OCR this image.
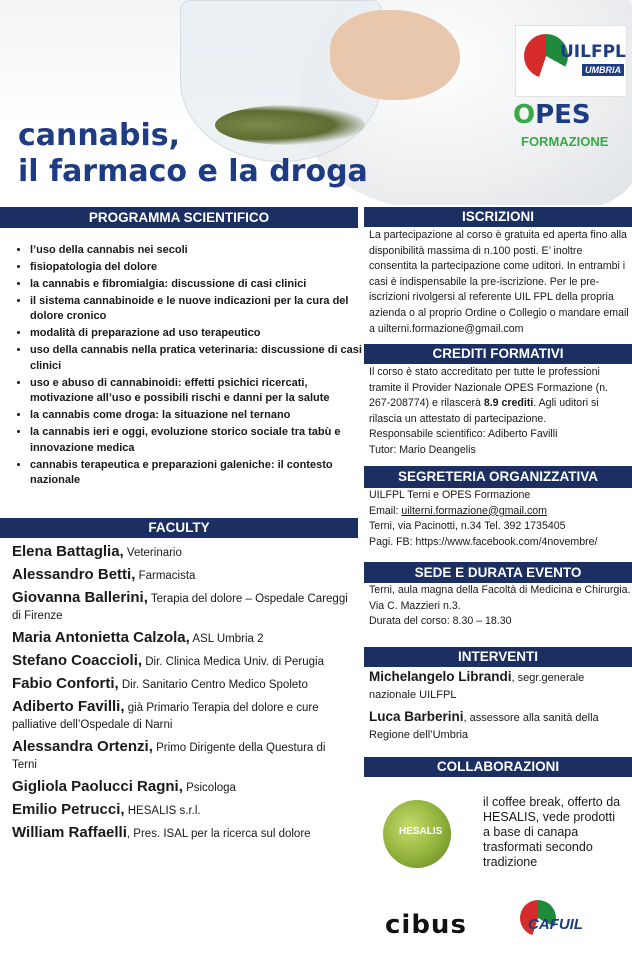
cannabis,
il farmaco e la droga
UILFPL
UMBRIA
OPES
FORMAZIONE
PROGRAMMA SCIENTIFICO
• l’uso della cannabis nei secoli
• fisiopatologia del dolore
• la cannabis e fibromialgia: discussione di casi clinici
• il sistema cannabinoide e le nuove indicazioni per la cura del dolore cronico
• modalità di preparazione ad uso terapeutico
• uso della cannabis nella pratica veterinaria: discussione di casi clinici
• uso e abuso di cannabinoidi: effetti psichici ricercati, motivazione all’uso e possibili rischi e danni per la salute
• la cannabis come droga: la situazione nel ternano
• la cannabis ieri e oggi, evoluzione storico sociale tra tabù e innovazione medica
• cannabis terapeutica e preparazioni galeniche: il contesto nazionale
FACULTY
Elena Battaglia, Veterinario
Alessandro Betti, Farmacista
Giovanna Ballerini, Terapia del dolore – Ospedale Careggi di Firenze
Maria Antonietta Calzola, ASL Umbria 2
Stefano Coaccioli, Dir. Clinica Medica Univ. di Perugia
Fabio Conforti, Dir. Sanitario Centro Medico Spoleto
Adiberto Favilli, già Primario Terapia del dolore e cure palliative dell’Ospedale di Narni
Alessandra Ortenzi, Primo Dirigente della Questura di Terni
Gigliola Paolucci Ragni, Psicologa
Emilio Petrucci, HESALIS s.r.l.
William Raffaelli, Pres. ISAL per la ricerca sul dolore
ISCRIZIONI
La partecipazione al corso è gratuita ed aperta fino alla disponibilità massima di n.100 posti. E’ inoltre consentita la partecipazione come uditori. In entrambi i casi è indispensabile la pre-iscrizione. Per le pre-iscrizioni rivolgersi al referente UIL FPL della propria azienda o al proprio Ordine o Collegio o mandare email a uilterni.formazione@gmail.com
CREDITI FORMATIVI
Il corso è stato accreditato per tutte le professioni tramite il Provider Nazionale OPES Formazione (n. 267-208774) e rilascerà 8.9 crediti. Agli uditori si rilascia un attestato di partecipazione.
Responsabile scientifico: Adiberto Favilli
Tutor: Mario Deangelis
SEGRETERIA ORGANIZZATIVA
UILFPL Terni e OPES Formazione
Email: uilterni.formazione@gmail.com
Terni, via Pacinotti, n.34 Tel. 392 1735405
Pagi. FB: https://www.facebook.com/4novembre/
SEDE E DURATA EVENTO
Terni, aula magna della Facoltà di Medicina e Chirurgia. Via C. Mazzieri n.3.
Durata del corso: 8.30 – 18.30
INTERVENTI
Michelangelo Librandi, segr.generale nazionale UILFPL
Luca Barberini, assessore alla sanità della Regione dell’Umbria
COLLABORAZIONI
HESALIS
il coffee break, offerto da HESALIS, vede prodotti a base di canapa trasformati secondo tradizione
cibus	CAFUIL
